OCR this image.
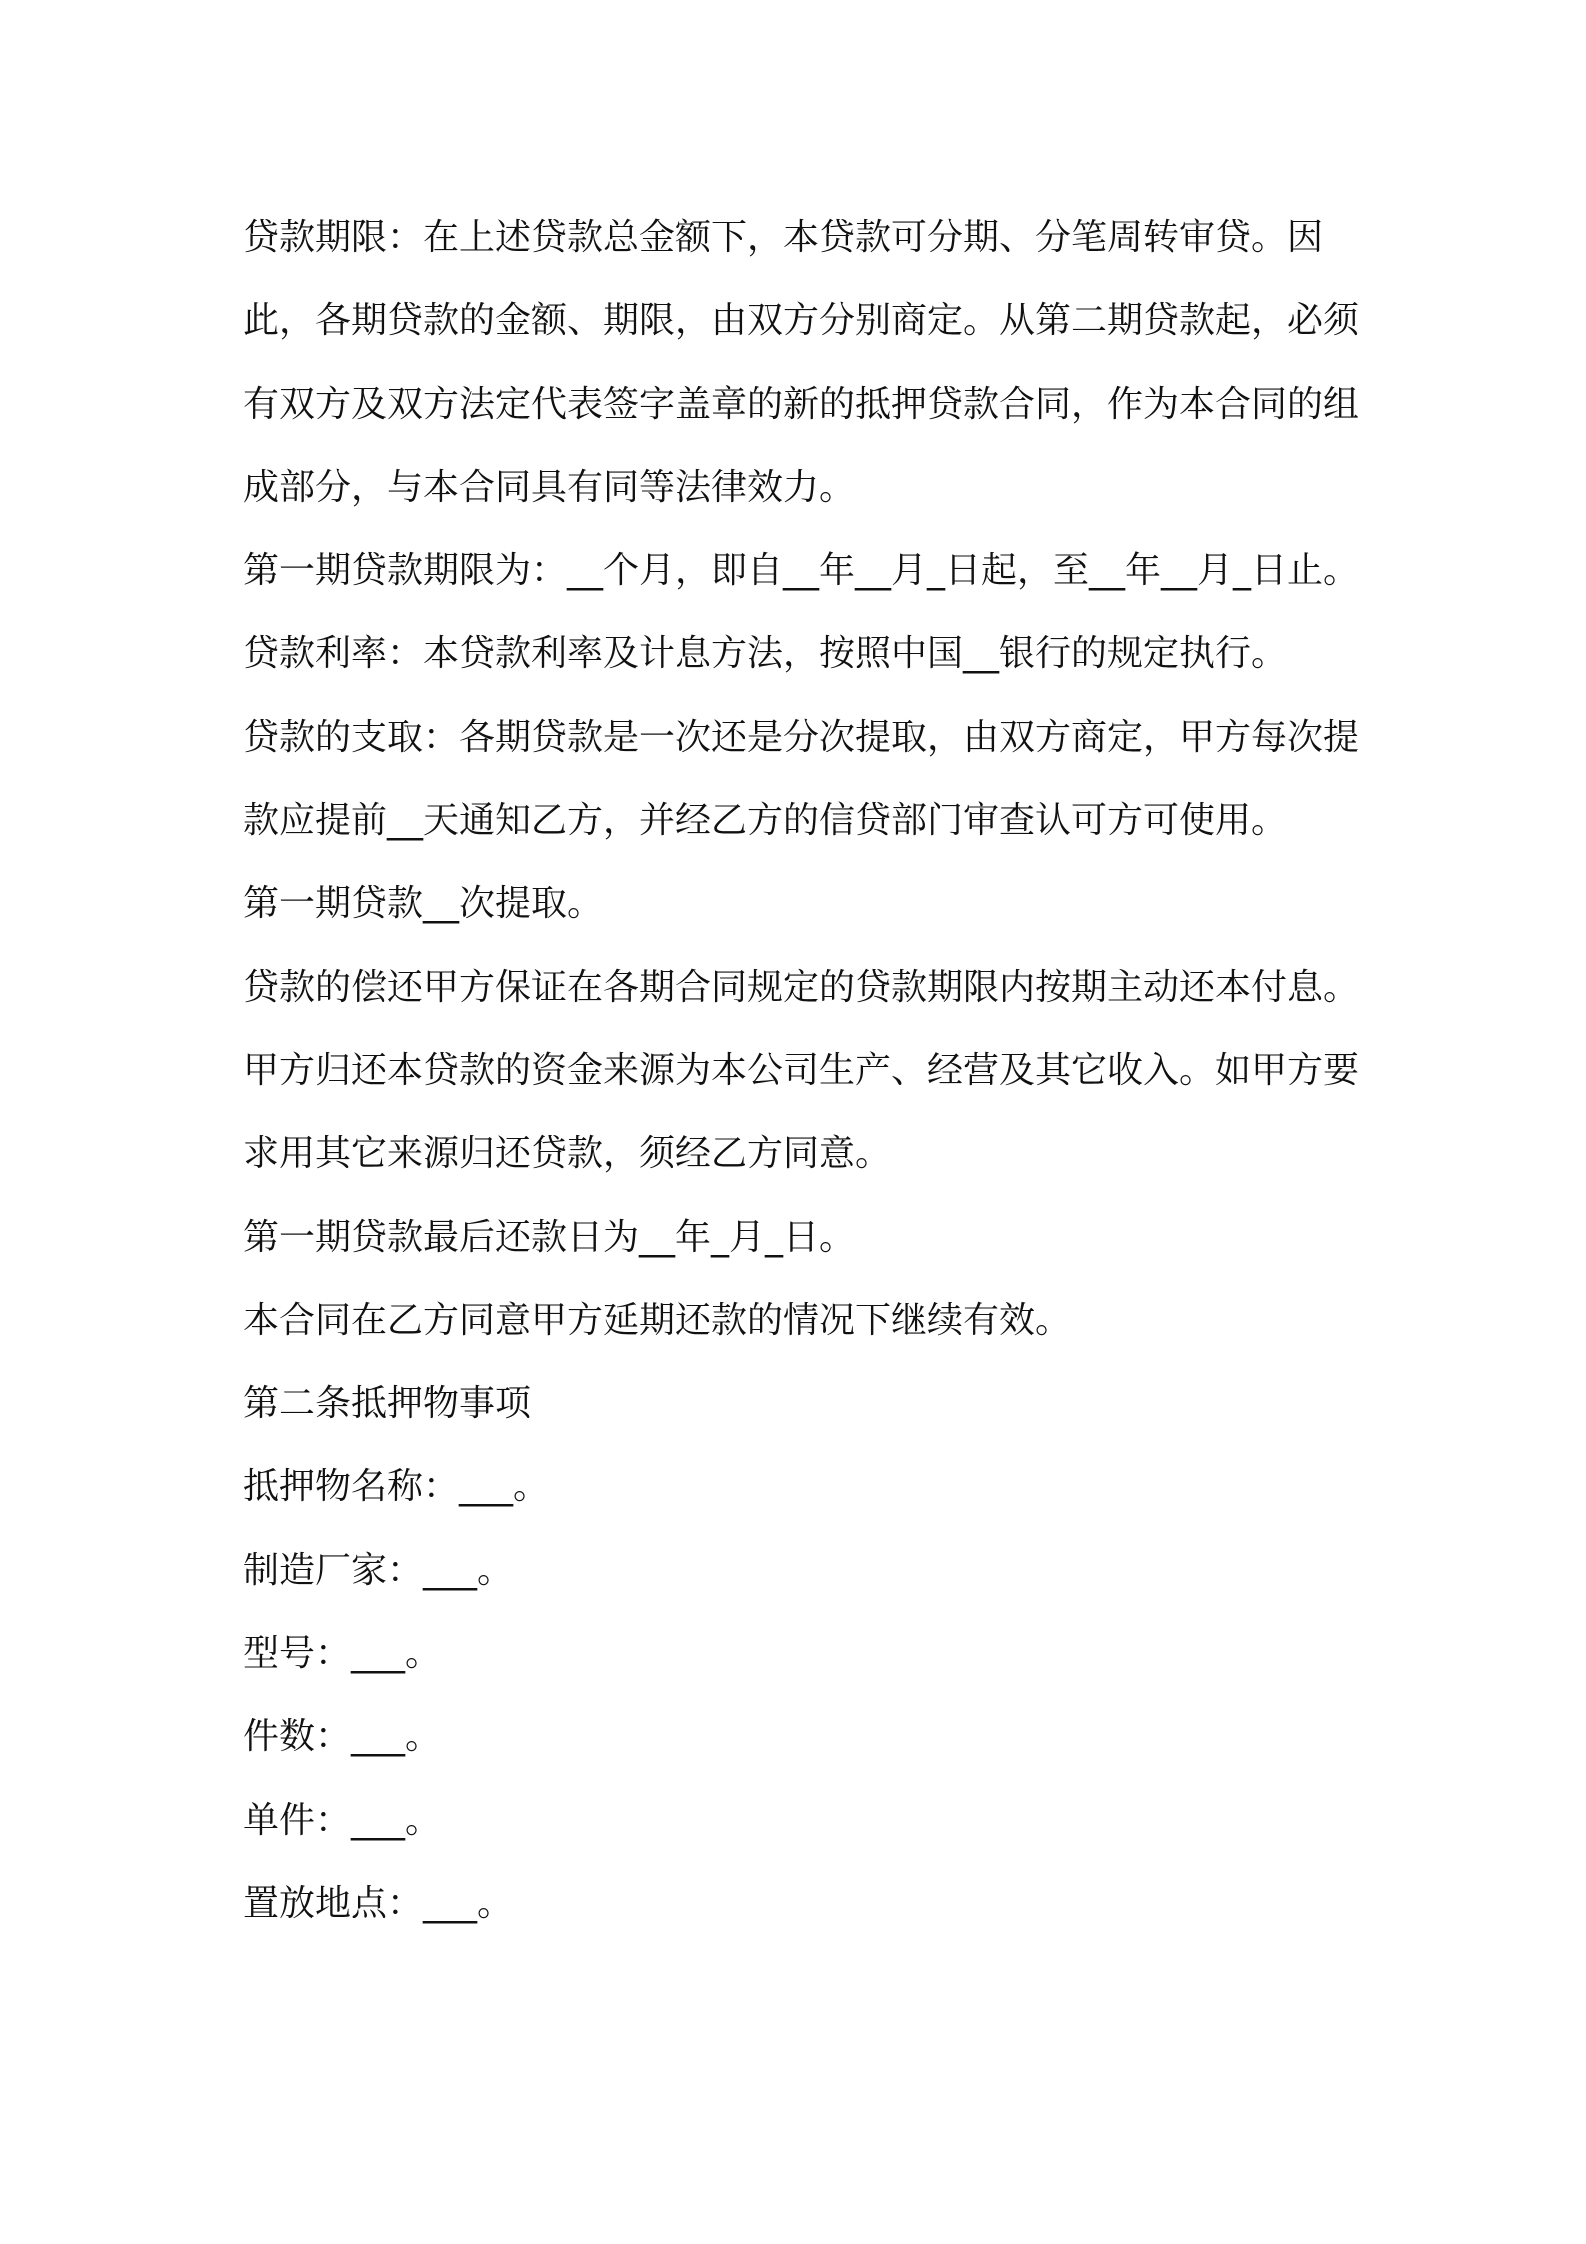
贷款期限：在上述贷款总金额下，本贷款可分期、分笔周转审贷。因此，各期贷款的金额、期限，由双方分别商定。从第二期贷款起，必须有双方及双方法定代表签字盖章的新的抵押贷款合同，作为本合同的组成部分，与本合同具有同等法律效力。

第一期贷款期限为：__个月，即自__年__月_日起，至__年__月_日止。

贷款利率：本贷款利率及计息方法，按照中国__银行的规定执行。

贷款的支取：各期贷款是一次还是分次提取，由双方商定，甲方每次提款应提前__天通知乙方，并经乙方的信贷部门审查认可方可使用。

第一期贷款__次提取。

贷款的偿还甲方保证在各期合同规定的贷款期限内按期主动还本付息。甲方归还本贷款的资金来源为本公司生产、经营及其它收入。如甲方要求用其它来源归还贷款，须经乙方同意。

第一期贷款最后还款日为__年_月_日。

本合同在乙方同意甲方延期还款的情况下继续有效。

第二条抵押物事项

抵押物名称：___。

制造厂家：___。

型号：___。

件数：___。

单件：___。

置放地点：___。
